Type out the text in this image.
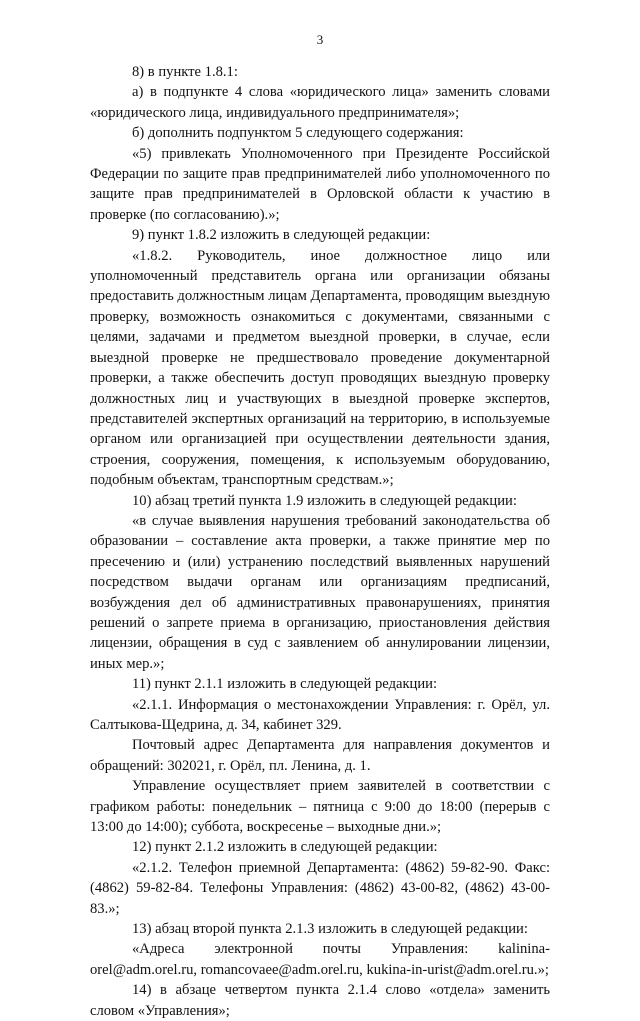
3

8) в пункте 1.8.1:

а) в подпункте 4 слова «юридического лица» заменить словами «юридического лица, индивидуального предпринимателя»;

б) дополнить подпунктом 5 следующего содержания:

«5) привлекать Уполномоченного при Президенте Российской Федерации по защите прав предпринимателей либо уполномоченного по защите прав предпринимателей в Орловской области к участию в проверке (по согласованию).»;

9) пункт 1.8.2 изложить в следующей редакции:

«1.8.2. Руководитель, иное должностное лицо или уполномоченный представитель органа или организации обязаны предоставить должностным лицам Департамента, проводящим выездную проверку, возможность ознакомиться с документами, связанными с целями, задачами и предметом выездной проверки, в случае, если выездной проверке не предшествовало проведение документарной проверки, а также обеспечить доступ проводящих выездную проверку должностных лиц и участвующих в выездной проверке экспертов, представителей экспертных организаций на территорию, в используемые органом или организацией при осуществлении деятельности здания, строения, сооружения, помещения, к используемым оборудованию, подобным объектам, транспортным средствам.»;

10) абзац третий пункта 1.9 изложить в следующей редакции:

«в случае выявления нарушения требований законодательства об образовании – составление акта проверки, а также принятие мер по пресечению и (или) устранению последствий выявленных нарушений посредством выдачи органам или организациям предписаний, возбуждения дел об административных правонарушениях, принятия решений о запрете приема в организацию, приостановления действия лицензии, обращения в суд с заявлением об аннулировании лицензии, иных мер.»;

11) пункт 2.1.1 изложить в следующей редакции:

«2.1.1. Информация о местонахождении Управления: г. Орёл, ул. Салтыкова-Щедрина, д. 34, кабинет 329.

Почтовый адрес Департамента для направления документов и обращений: 302021, г. Орёл, пл. Ленина, д. 1.

Управление осуществляет прием заявителей в соответствии с графиком работы: понедельник – пятница с 9:00 до 18:00 (перерыв с 13:00 до 14:00); суббота, воскресенье – выходные дни.»;

12) пункт 2.1.2 изложить в следующей редакции:

«2.1.2. Телефон приемной Департамента: (4862) 59-82-90. Факс: (4862) 59-82-84. Телефоны Управления: (4862) 43-00-82, (4862) 43-00-83.»;

13) абзац второй пункта 2.1.3 изложить в следующей редакции:

«Адреса электронной почты Управления: kalinina-orel@adm.orel.ru, romancovaee@adm.orel.ru, kukina-in-urist@adm.orel.ru.»;

14) в абзаце четвертом пункта 2.1.4 слово «отдела» заменить словом «Управления»;
